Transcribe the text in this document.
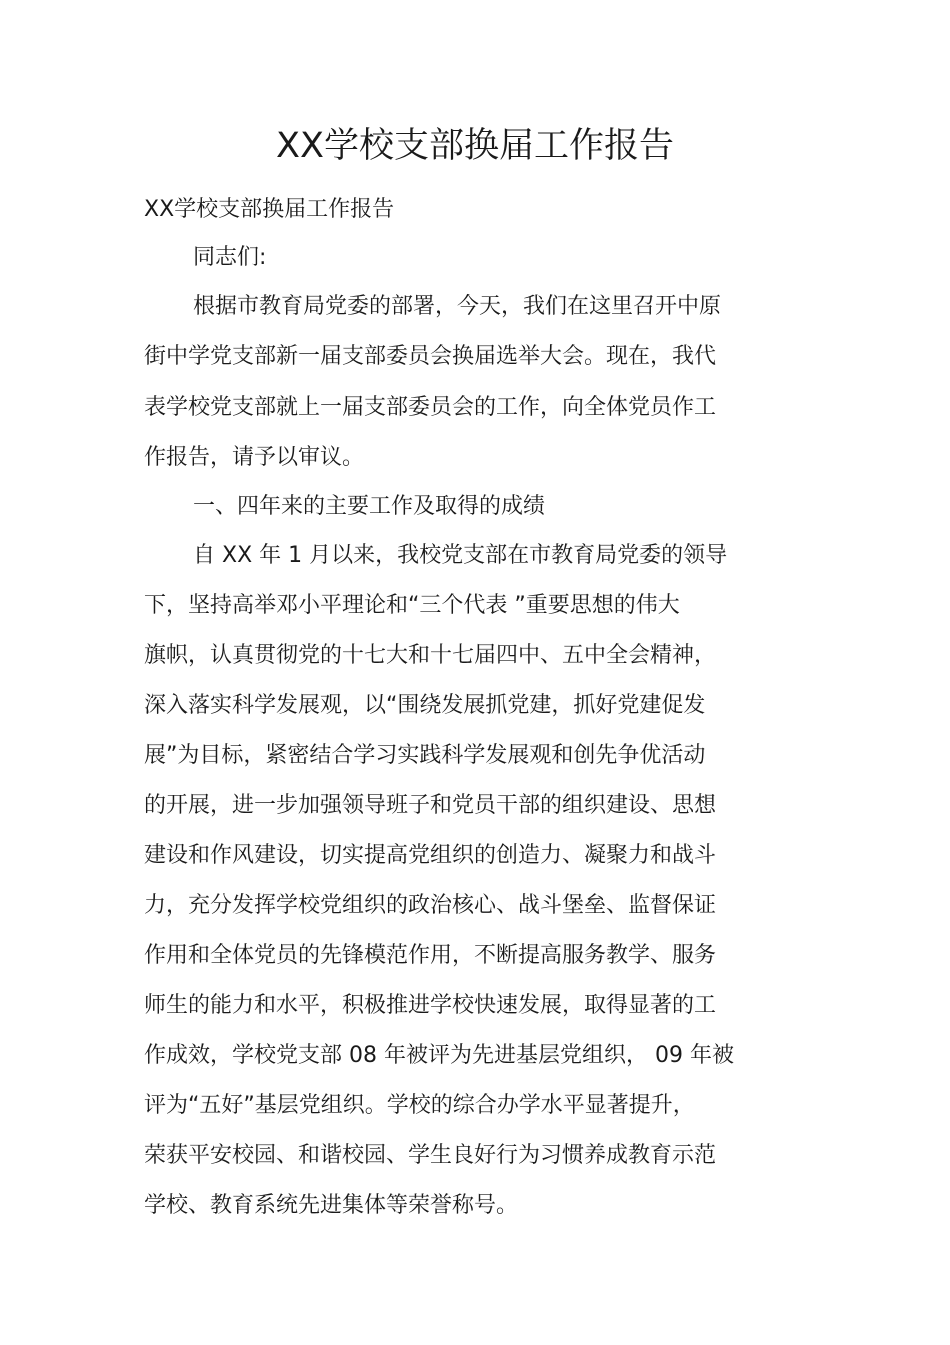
XX学校支部换届工作报告
XX学校支部换届工作报告
同志们:
根据市教育局党委的部署，今天，我们在这里召开中原
街中学党支部新一届支部委员会换届选举大会。现在，我代
表学校党支部就上一届支部委员会的工作，向全体党员作工
作报告，请予以审议。
一、四年来的主要工作及取得的成绩
自 XX 年 1 月以来，我校党支部在市教育局党委的领导
下，坚持高举邓小平理论和“三个代表 ”重要思想的伟大
旗帜，认真贯彻党的十七大和十七届四中、五中全会精神，
深入落实科学发展观，以“围绕发展抓党建，抓好党建促发
展”为目标，紧密结合学习实践科学发展观和创先争优活动
的开展，进一步加强领导班子和党员干部的组织建设、思想
建设和作风建设，切实提高党组织的创造力、凝聚力和战斗
力，充分发挥学校党组织的政治核心、战斗堡垒、监督保证
作用和全体党员的先锋模范作用，不断提高服务教学、服务
师生的能力和水平，积极推进学校快速发展，取得显著的工
作成效，学校党支部 08 年被评为先进基层党组织， 09 年被
评为“五好”基层党组织。学校的综合办学水平显著提升，
荣获平安校园、和谐校园、学生良好行为习惯养成教育示范
学校、教育系统先进集体等荣誉称号。
